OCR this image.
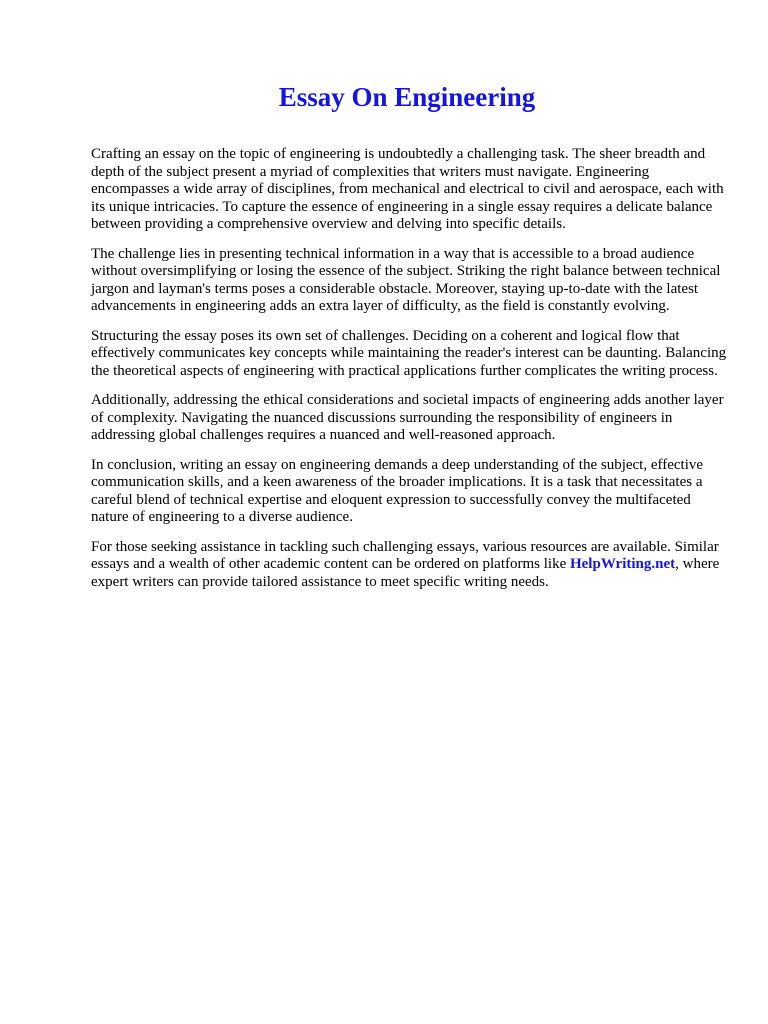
Essay On Engineering

Crafting an essay on the topic of engineering is undoubtedly a challenging task. The sheer breadth and depth of the subject present a myriad of complexities that writers must navigate. Engineering encompasses a wide array of disciplines, from mechanical and electrical to civil and aerospace, each with its unique intricacies. To capture the essence of engineering in a single essay requires a delicate balance between providing a comprehensive overview and delving into specific details.

The challenge lies in presenting technical information in a way that is accessible to a broad audience without oversimplifying or losing the essence of the subject. Striking the right balance between technical jargon and layman's terms poses a considerable obstacle. Moreover, staying up-to-date with the latest advancements in engineering adds an extra layer of difficulty, as the field is constantly evolving.

Structuring the essay poses its own set of challenges. Deciding on a coherent and logical flow that effectively communicates key concepts while maintaining the reader's interest can be daunting. Balancing the theoretical aspects of engineering with practical applications further complicates the writing process.

Additionally, addressing the ethical considerations and societal impacts of engineering adds another layer of complexity. Navigating the nuanced discussions surrounding the responsibility of engineers in addressing global challenges requires a nuanced and well-reasoned approach.

In conclusion, writing an essay on engineering demands a deep understanding of the subject, effective communication skills, and a keen awareness of the broader implications. It is a task that necessitates a careful blend of technical expertise and eloquent expression to successfully convey the multifaceted nature of engineering to a diverse audience.

For those seeking assistance in tackling such challenging essays, various resources are available. Similar essays and a wealth of other academic content can be ordered on platforms like HelpWriting.net, where expert writers can provide tailored assistance to meet specific writing needs.
